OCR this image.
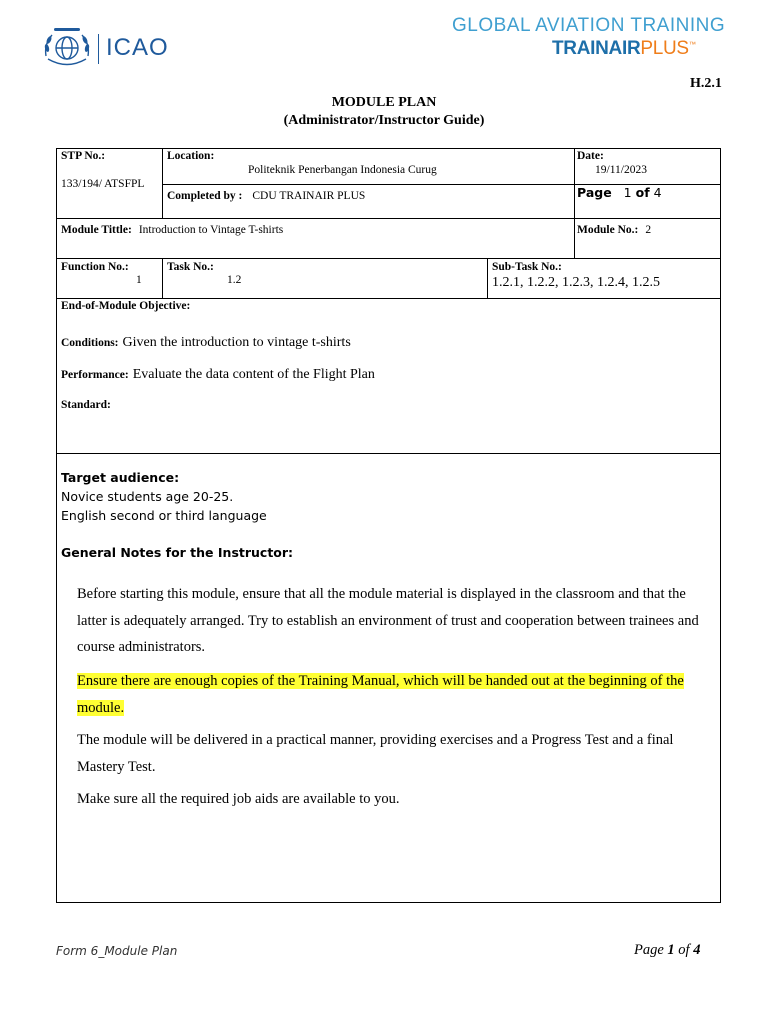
ICAO
GLOBAL AVIATION TRAINING
TRAINAIRPLUS™
H.2.1
MODULE PLAN
(Administrator/Instructor Guide)
STP No.:
133/194/ ATSFPL
Location:
Politeknik Penerbangan Indonesia Curug
Date:
19/11/2023
Completed by : CDU TRAINAIR PLUS	Page 1 of 4
Module Tittle: Introduction to Vintage T-shirts	Module No.: 2
Function No.:
1
Task No.:
1.2
Sub-Task No.:
1.2.1, 1.2.2, 1.2.3, 1.2.4, 1.2.5
End-of-Module Objective:
Conditions: Given the introduction to vintage t-shirts
Performance: Evaluate the data content of the Flight Plan
Standard:
Target audience:
Novice students age 20-25.
English second or third language
General Notes for the Instructor:
Before starting this module, ensure that all the module material is displayed in the classroom and that the latter is adequately arranged. Try to establish an environment of trust and cooperation between trainees and course administrators.
Ensure there are enough copies of the Training Manual, which will be handed out at the beginning of the module.
The module will be delivered in a practical manner, providing exercises and a Progress Test and a final Mastery Test.
Make sure all the required job aids are available to you.
Form 6_Module Plan	Page 1 of 4
